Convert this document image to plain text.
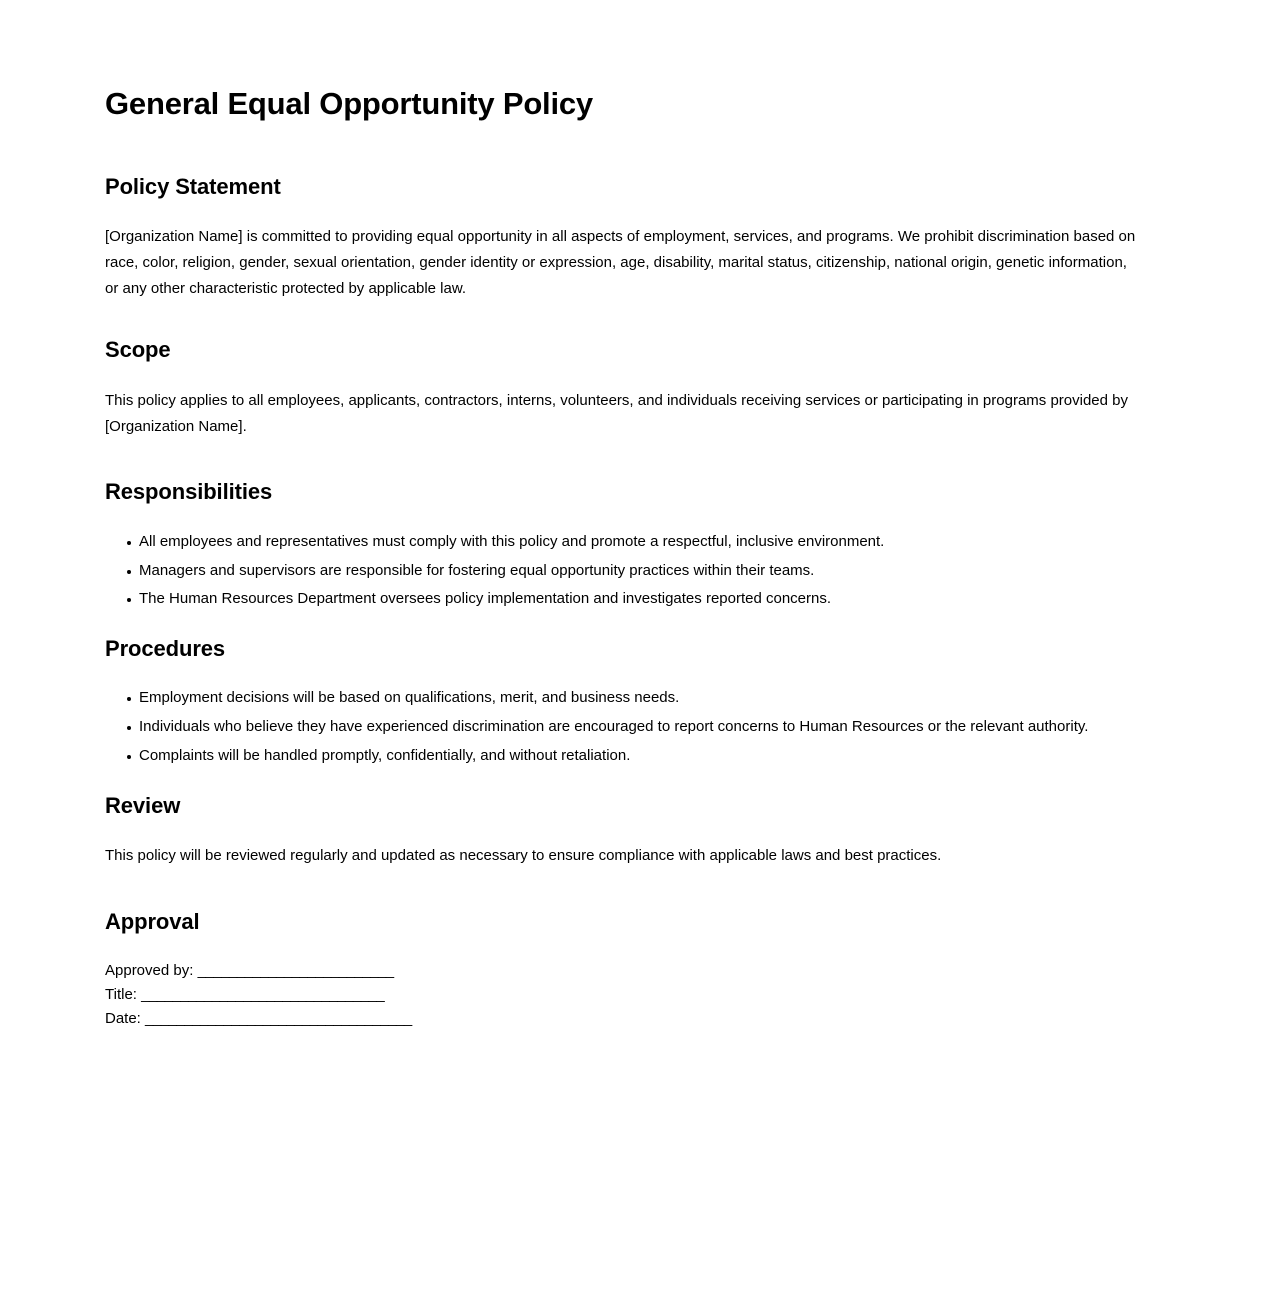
General Equal Opportunity Policy
Policy Statement

[Organization Name] is committed to providing equal opportunity in all aspects of employment, services, and programs. We prohibit discrimination based on race, color, religion, gender, sexual orientation, gender identity or expression, age, disability, marital status, citizenship, national origin, genetic information, or any other characteristic protected by applicable law.

Scope

This policy applies to all employees, applicants, contractors, interns, volunteers, and individuals receiving services or participating in programs provided by [Organization Name].

Responsibilities
All employees and representatives must comply with this policy and promote a respectful, inclusive environment.
Managers and supervisors are responsible for fostering equal opportunity practices within their teams.
The Human Resources Department oversees policy implementation and investigates reported concerns.
Procedures
Employment decisions will be based on qualifications, merit, and business needs.
Individuals who believe they have experienced discrimination are encouraged to report concerns to Human Resources or the relevant authority.
Complaints will be handled promptly, confidentially, and without retaliation.
Review

This policy will be reviewed regularly and updated as necessary to ensure compliance with applicable laws and best practices.

Approval
Approved by: _________________________
Title: _______________________________
Date: __________________________________
